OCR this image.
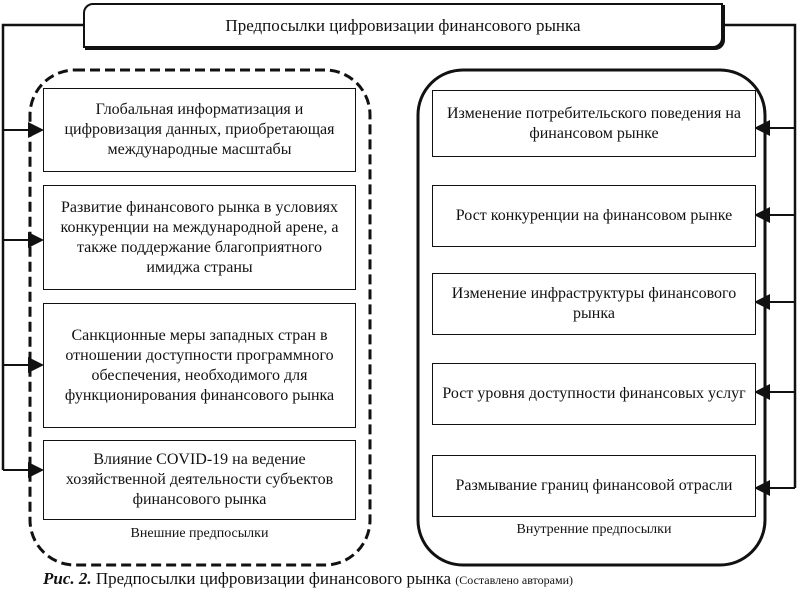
Предпосылки цифровизации финансового рынка
Глобальная информатизация и цифровизация данных, приобретающая международные масштабы
Развитие финансового рынка в условиях конкуренции на международной арене, а также поддержание благоприятного имиджа страны
Санкционные меры западных стран в отношении доступности программного обеспечения, необходимого для функционирования финансового рынка
Влияние COVID-19 на ведение хозяйственной деятельности субъектов финансового рынка
Внешние предпосылки
Изменение потребительского поведения на финансовом рынке
Рост конкуренции на финансовом рынке
Изменение инфраструктуры финансового рынка
Рост уровня доступности финансовых услуг
Размывание границ финансовой отрасли
Внутренние предпосылки
Рис. 2. Предпосылки цифровизации финансового рынка (Составлено авторами)
